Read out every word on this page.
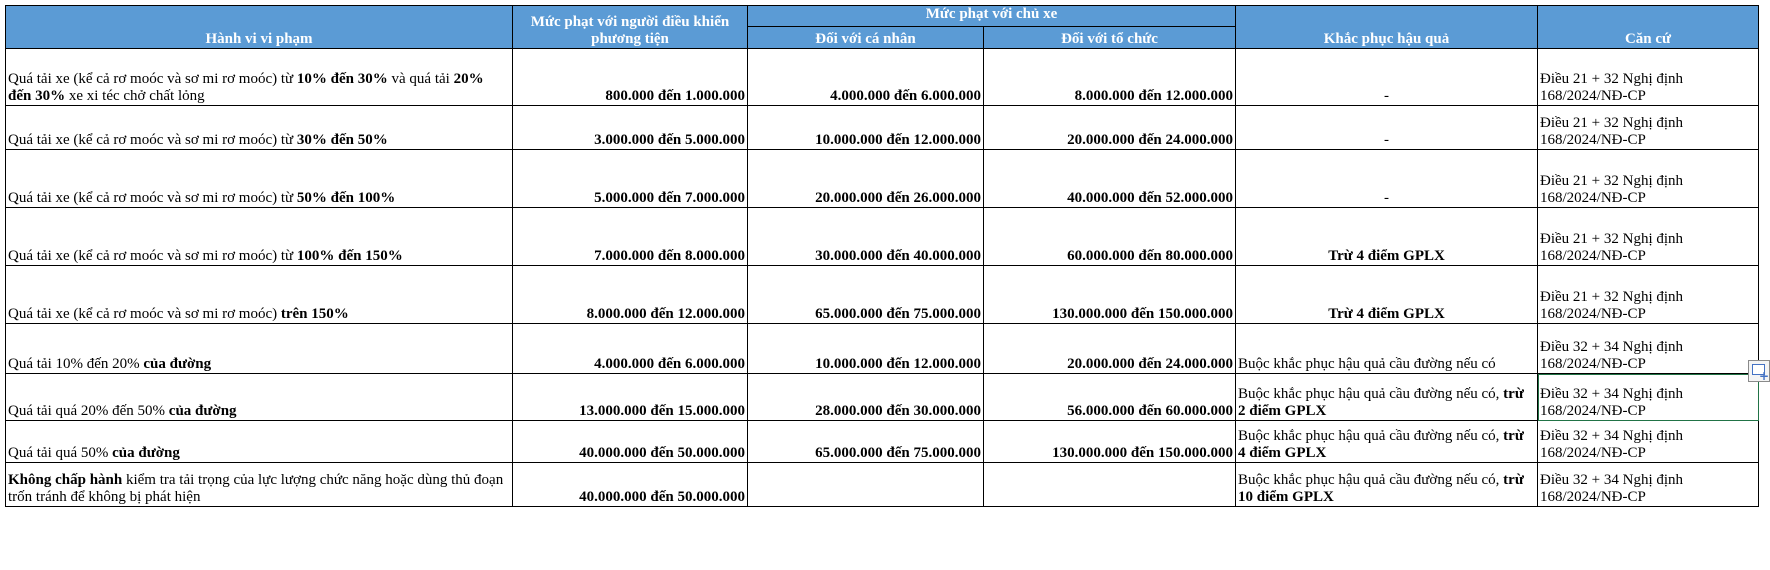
Hành vi vi phạm	Mức phạt với người điều khiển phương tiện	Mức phạt với chủ xe		Khắc phục hậu quả	Căn cứ
		Đối với cá nhân	Đối với tổ chức		
Quá tải xe (kể cả rơ moóc và sơ mi rơ moóc) từ 10% đến 30% và quá tải 20% đến 30% xe xi téc chở chất lỏng	800.000 đến 1.000.000	4.000.000 đến 6.000.000	8.000.000 đến 12.000.000	-	Điều 21 + 32 Nghị định 168/2024/NĐ-CP
Quá tải xe (kể cả rơ moóc và sơ mi rơ moóc) từ 30% đến 50%	3.000.000 đến 5.000.000	10.000.000 đến 12.000.000	20.000.000 đến 24.000.000	-	Điều 21 + 32 Nghị định 168/2024/NĐ-CP
Quá tải xe (kể cả rơ moóc và sơ mi rơ moóc) từ 50% đến 100%	5.000.000 đến 7.000.000	20.000.000 đến 26.000.000	40.000.000 đến 52.000.000	-	Điều 21 + 32 Nghị định 168/2024/NĐ-CP
Quá tải xe (kể cả rơ moóc và sơ mi rơ moóc) từ 100% đến 150%	7.000.000 đến 8.000.000	30.000.000 đến 40.000.000	60.000.000 đến 80.000.000	Trừ 4 điểm GPLX	Điều 21 + 32 Nghị định 168/2024/NĐ-CP
Quá tải xe (kể cả rơ moóc và sơ mi rơ moóc) trên 150%	8.000.000 đến 12.000.000	65.000.000 đến 75.000.000	130.000.000 đến 150.000.000	Trừ 4 điểm GPLX	Điều 21 + 32 Nghị định 168/2024/NĐ-CP
Quá tải 10% đến 20% của đường	4.000.000 đến 6.000.000	10.000.000 đến 12.000.000	20.000.000 đến 24.000.000	Buộc khắc phục hậu quả cầu đường nếu có	Điều 32 + 34 Nghị định 168/2024/NĐ-CP
Quá tải quá 20% đến 50% của đường	13.000.000 đến 15.000.000	28.000.000 đến 30.000.000	56.000.000 đến 60.000.000	Buộc khắc phục hậu quả cầu đường nếu có, trừ 2 điểm GPLX	Điều 32 + 34 Nghị định 168/2024/NĐ-CP
Quá tải quá 50% của đường	40.000.000 đến 50.000.000	65.000.000 đến 75.000.000	130.000.000 đến 150.000.000	Buộc khắc phục hậu quả cầu đường nếu có, trừ 4 điểm GPLX	Điều 32 + 34 Nghị định 168/2024/NĐ-CP
Không chấp hành kiểm tra tải trọng của lực lượng chức năng hoặc dùng thủ đoạn trốn tránh để không bị phát hiện	40.000.000 đến 50.000.000			Buộc khắc phục hậu quả cầu đường nếu có, trừ 10 điểm GPLX	Điều 32 + 34 Nghị định 168/2024/NĐ-CP
+
